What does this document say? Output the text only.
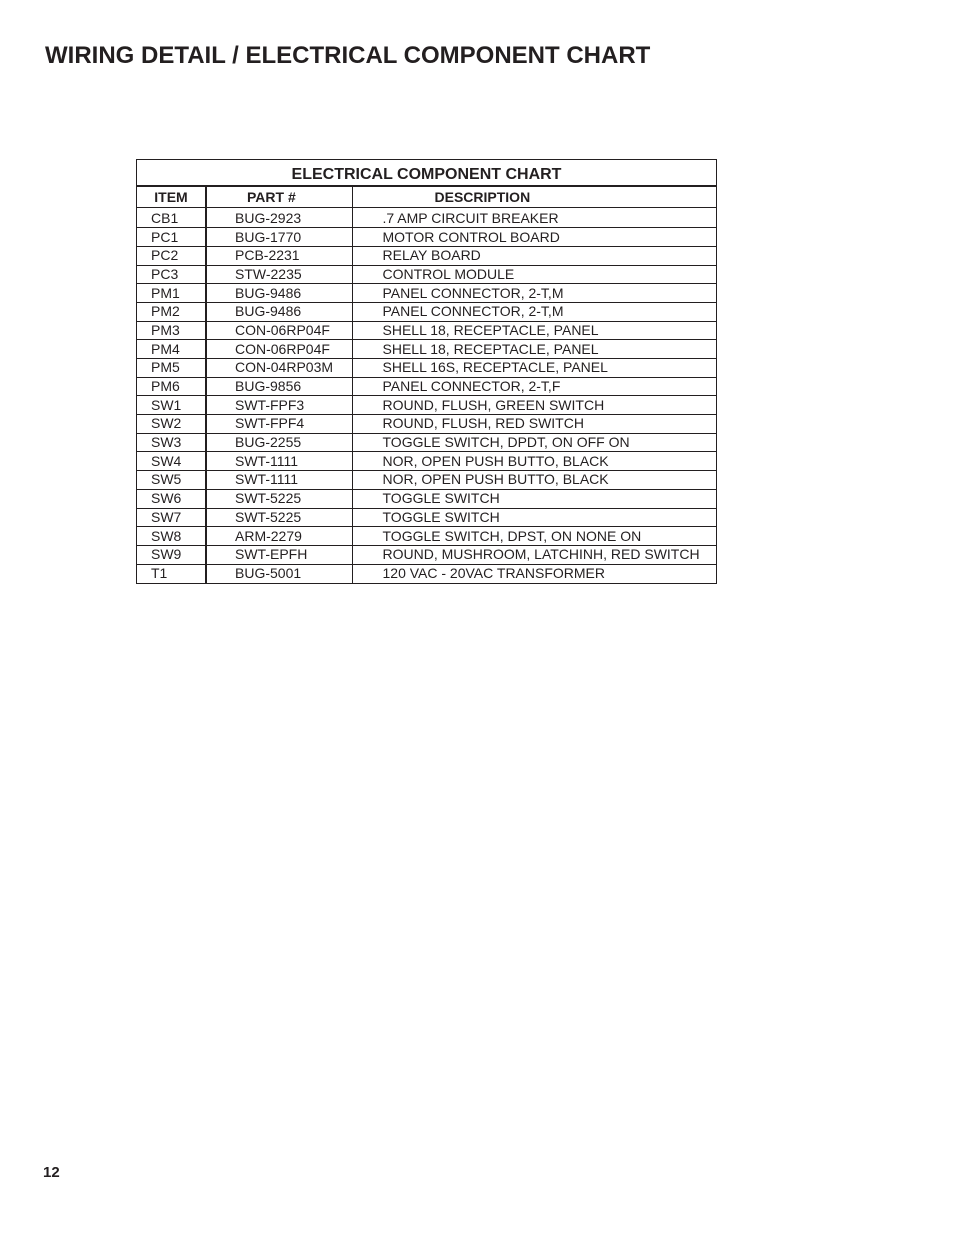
WIRING DETAIL / ELECTRICAL COMPONENT CHART
ELECTRICAL COMPONENT CHART
ITEM	PART #	DESCRIPTION

CB1	BUG-2923	.7 AMP CIRCUIT BREAKER
PC1	BUG-1770	MOTOR CONTROL BOARD
PC2	PCB-2231	RELAY BOARD
PC3	STW-2235	CONTROL MODULE
PM1	BUG-9486	PANEL CONNECTOR, 2-T,M
PM2	BUG-9486	PANEL CONNECTOR, 2-T,M
PM3	CON-06RP04F	SHELL 18, RECEPTACLE, PANEL
PM4	CON-06RP04F	SHELL 18, RECEPTACLE, PANEL
PM5	CON-04RP03M	SHELL 16S, RECEPTACLE, PANEL
PM6	BUG-9856	PANEL CONNECTOR, 2-T,F
SW1	SWT-FPF3	ROUND, FLUSH, GREEN SWITCH
SW2	SWT-FPF4	ROUND, FLUSH, RED SWITCH
SW3	BUG-2255	TOGGLE SWITCH, DPDT, ON OFF ON
SW4	SWT-1111	NOR, OPEN PUSH BUTTO, BLACK
SW5	SWT-1111	NOR, OPEN PUSH BUTTO, BLACK
SW6	SWT-5225	TOGGLE SWITCH
SW7	SWT-5225	TOGGLE SWITCH
SW8	ARM-2279	TOGGLE SWITCH, DPST, ON NONE ON
SW9	SWT-EPFH	ROUND, MUSHROOM, LATCHINH, RED SWITCH
T1	BUG-5001	120 VAC - 20VAC TRANSFORMER
12
